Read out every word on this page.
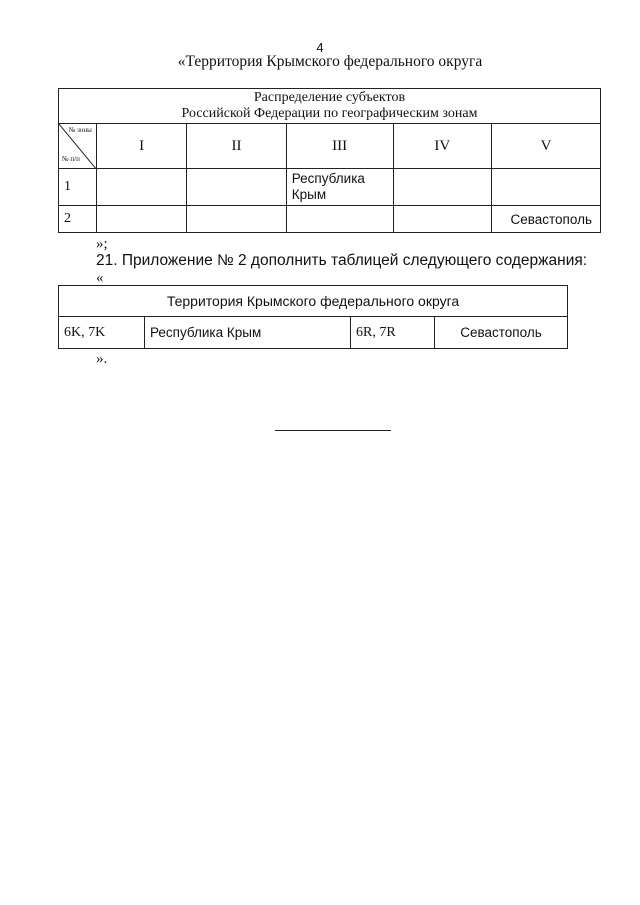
4
«Территория Крымского федерального округа
Распределение субъектов
Российской Федерации по географическим зонам					

№ зоны
№ п/п	I	II	III	IV	V
1			Республика Крым		
2					Севастополь
»;
21. Приложение № 2 дополнить таблицей следующего содержания:
«
Территория Крымского федерального округа
6K, 7K	Республика Крым	6R, 7R	Севастополь
».
